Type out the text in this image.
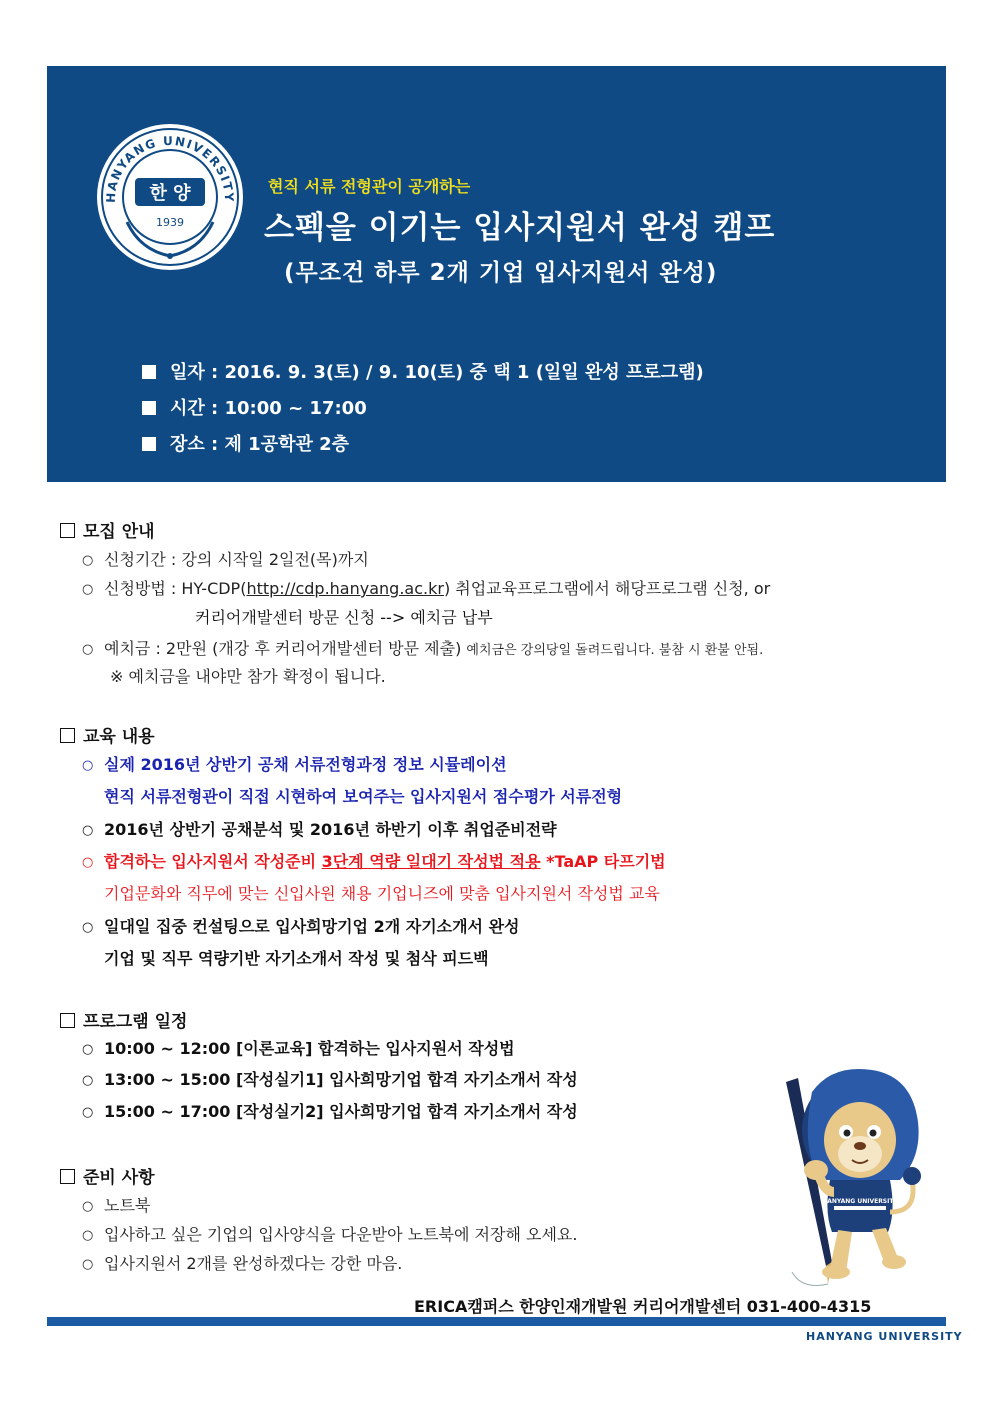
HANYANG UNIVERSITY
한 양
1939
현직 서류 전형관이 공개하는
스펙을 이기는 입사지원서 완성 캠프
(무조건 하루 2개 기업 입사지원서 완성)
일자 : 2016. 9. 3(토) / 9. 10(토) 중 택 1 (일일 완성 프로그램)
시간 : 10:00 ~ 17:00
장소 : 제 1공학관 2층
모집 안내
○ 신청기간 : 강의 시작일 2일전(목)까지
○ 신청방법 : HY-CDP(http://cdp.hanyang.ac.kr) 취업교육프로그램에서 해당프로그램 신청, or
커리어개발센터 방문 신청 --> 예치금 납부
○ 예치금 : 2만원 (개강 후 커리어개발센터 방문 제출) 예치금은 강의당일 돌려드립니다. 불참 시 환불 안됨.
※ 예치금을 내야만 참가 확정이 됩니다.
교육 내용
○ 실제 2016년 상반기 공채 서류전형과정 정보 시뮬레이션
현직 서류전형관이 직접 시현하여 보여주는 입사지원서 점수평가 서류전형
○ 2016년 상반기 공채분석 및 2016년 하반기 이후 취업준비전략
○ 합격하는 입사지원서 작성준비 3단계 역량 일대기 작성법 적용 *TaAP 타프기법
기업문화와 직무에 맞는 신입사원 채용 기업니즈에 맞춤 입사지원서 작성법 교육
○ 일대일 집중 컨설팅으로 입사희망기업 2개 자기소개서 완성
기업 및 직무 역량기반 자기소개서 작성 및 첨삭 피드백
프로그램 일정
○ 10:00 ~ 12:00 [이론교육] 합격하는 입사지원서 작성법
○ 13:00 ~ 15:00 [작성실기1] 입사희망기업 합격 자기소개서 작성
○ 15:00 ~ 17:00 [작성실기2] 입사희망기업 합격 자기소개서 작성
준비 사항
○ 노트북
○ 입사하고 싶은 기업의 입사양식을 다운받아 노트북에 저장해 오세요.
○ 입사지원서 2개를 완성하겠다는 강한 마음.
HANYANG UNIVERSITY
ERICA캠퍼스 한양인재개발원 커리어개발센터 031-400-4315
HANYANG UNIVERSITY
